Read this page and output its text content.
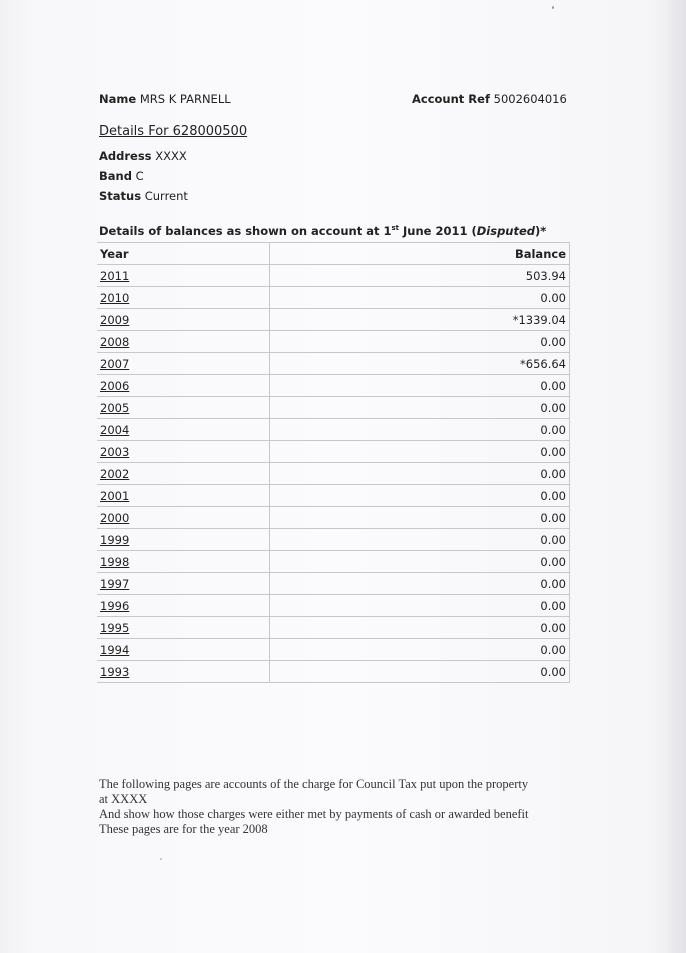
Name MRS K PARNELL	Account Ref 5002604016
Details For 628000500
Address XXXX
Band C
Status Current
Details of balances as shown on account at 1st June 2011 (Disputed)*
Year	Balance
2011	503.94
2010	0.00
2009	*1339.04
2008	0.00
2007	*656.64
2006	0.00
2005	0.00
2004	0.00
2003	0.00
2002	0.00
2001	0.00
2000	0.00
1999	0.00
1998	0.00
1997	0.00
1996	0.00
1995	0.00
1994	0.00
1993	0.00
The following pages are accounts of the charge for Council Tax put upon the property
at XXXX
And show how those charges were either met by payments of cash or awarded benefit
These pages are for the year 2008
